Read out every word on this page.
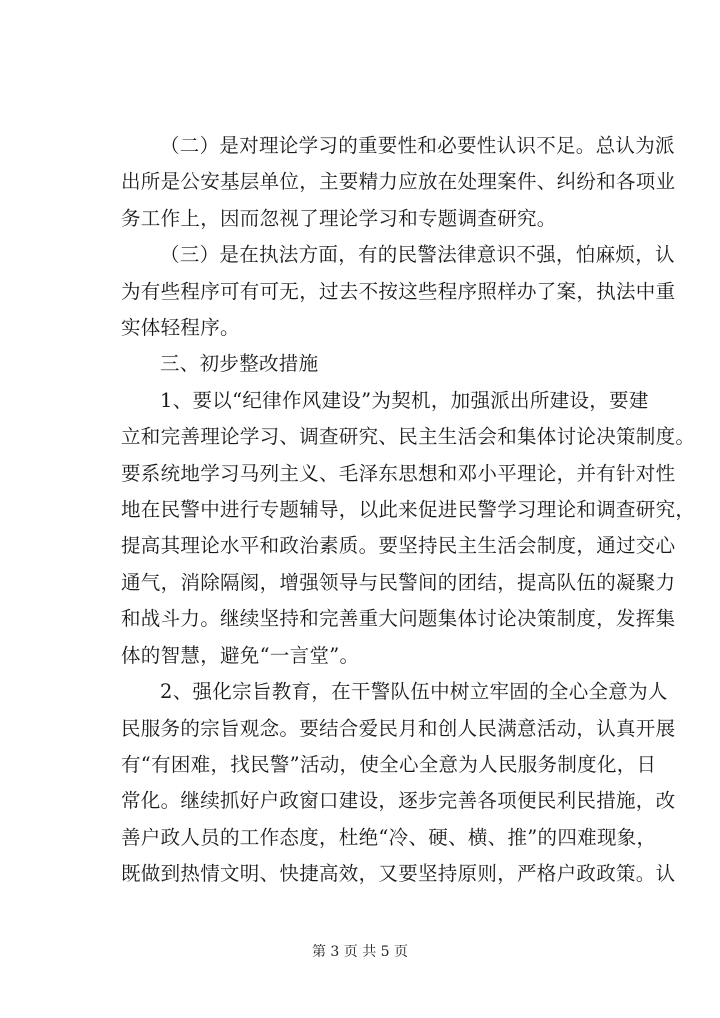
（二）是对理论学习的重要性和必要性认识不足。总认为派
出所是公安基层单位，主要精力应放在处理案件、纠纷和各项业
务工作上，因而忽视了理论学习和专题调查研究。

（三）是在执法方面，有的民警法律意识不强，怕麻烦，认
为有些程序可有可无，过去不按这些程序照样办了案，执法中重
实体轻程序。

三、初步整改措施

1、要以“纪律作风建设”为契机，加强派出所建设，要建
立和完善理论学习、调查研究、民主生活会和集体讨论决策制度。
要系统地学习马列主义、毛泽东思想和邓小平理论，并有针对性
地在民警中进行专题辅导，以此来促进民警学习理论和调查研究，
提高其理论水平和政治素质。要坚持民主生活会制度，通过交心
通气，消除隔阂，增强领导与民警间的团结，提高队伍的凝聚力
和战斗力。继续坚持和完善重大问题集体讨论决策制度，发挥集
体的智慧，避免“一言堂”。

2、强化宗旨教育，在干警队伍中树立牢固的全心全意为人
民服务的宗旨观念。要结合爱民月和创人民满意活动，认真开展
有“有困难，找民警”活动，使全心全意为人民服务制度化，日
常化。继续抓好户政窗口建设，逐步完善各项便民利民措施，改
善户政人员的工作态度，杜绝“冷、硬、横、推”的四难现象，
既做到热情文明、快捷高效，又要坚持原则，严格户政政策。认

第 3 页 共 5 页
